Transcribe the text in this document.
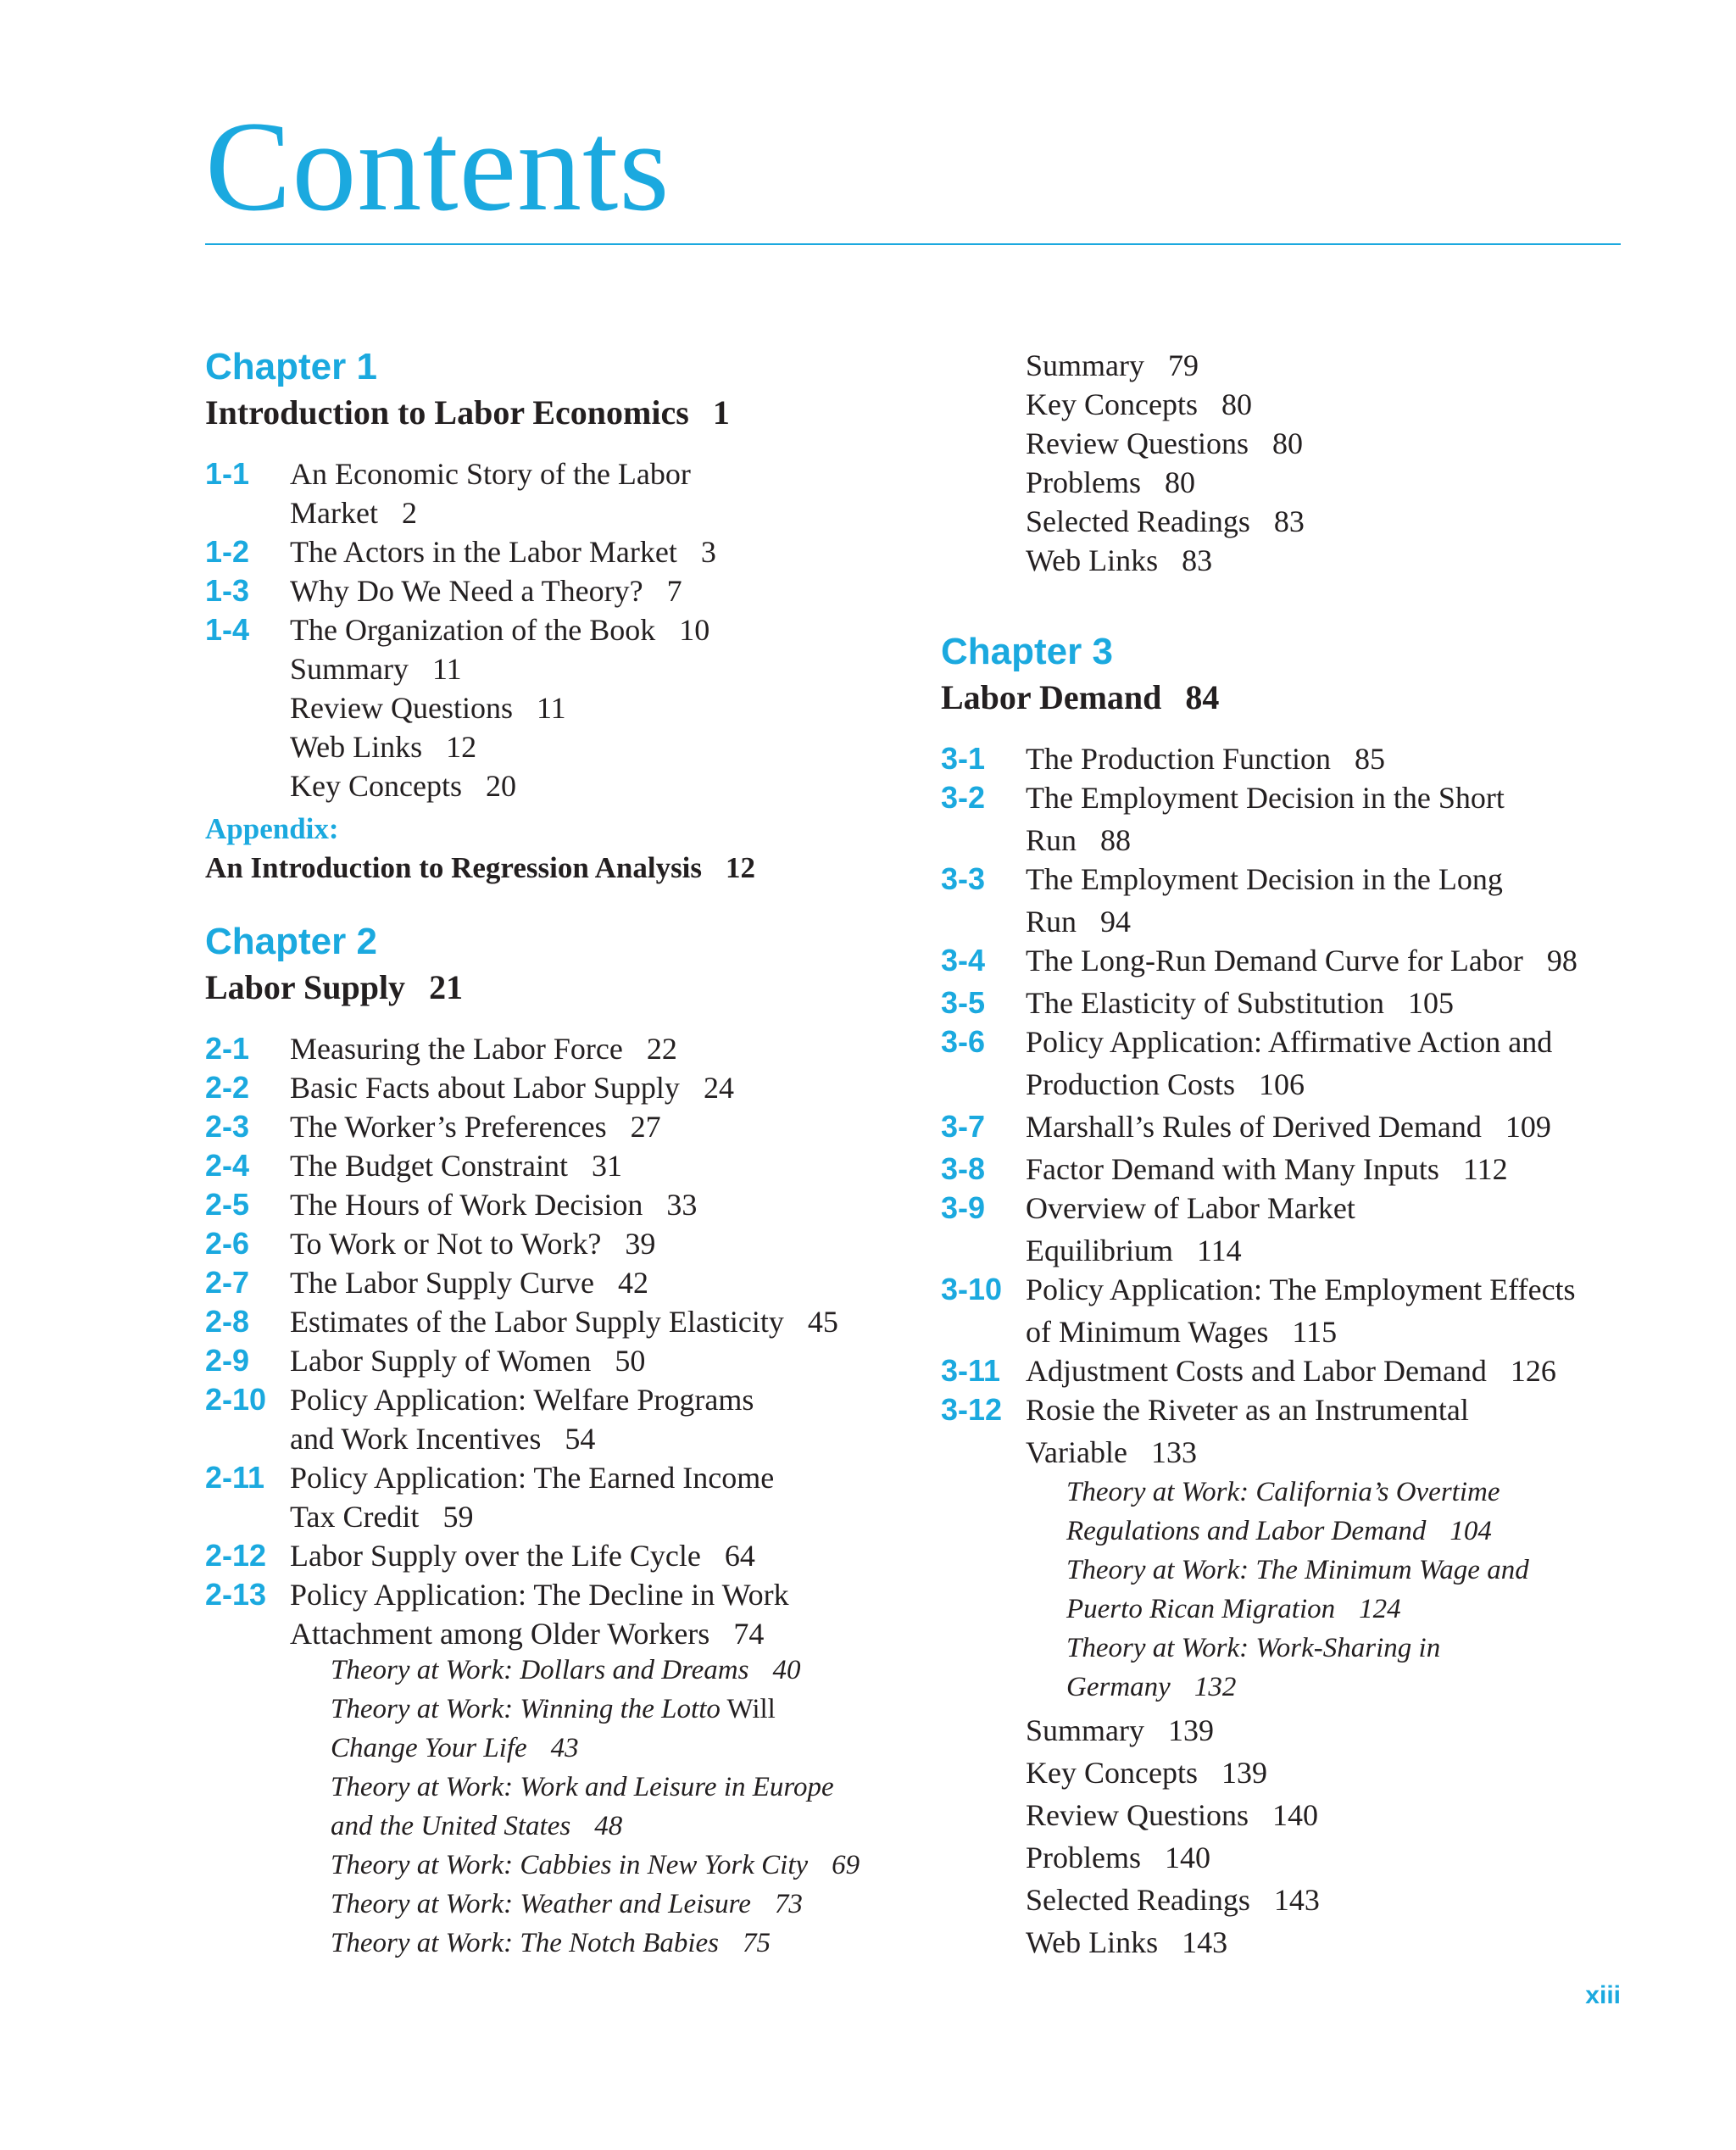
Contents
Chapter 1
Introduction to Labor Economics 1
1-1 An Economic Story of the Labor
Market 2
1-2 The Actors in the Labor Market 3
1-3 Why Do We Need a Theory? 7
1-4 The Organization of the Book 10
Summary 11
Review Questions 11
Web Links 12
Key Concepts 20
Appendix:
An Introduction to Regression Analysis 12
Chapter 2
Labor Supply 21
2-1 Measuring the Labor Force 22
2-2 Basic Facts about Labor Supply 24
2-3 The Worker’s Preferences 27
2-4 The Budget Constraint 31
2-5 The Hours of Work Decision 33
2-6 To Work or Not to Work? 39
2-7 The Labor Supply Curve 42
2-8 Estimates of the Labor Supply Elasticity 45
2-9 Labor Supply of Women 50
2-10 Policy Application: Welfare Programs
and Work Incentives 54
2-11 Policy Application: The Earned Income
Tax Credit 59
2-12 Labor Supply over the Life Cycle 64
2-13 Policy Application: The Decline in Work
Attachment among Older Workers 74
Theory at Work: Dollars and Dreams 40
Theory at Work: Winning the Lotto Will
Change Your Life 43
Theory at Work: Work and Leisure in Europe
and the United States 48
Theory at Work: Cabbies in New York City 69
Theory at Work: Weather and Leisure 73
Theory at Work: The Notch Babies 75
Summary 79
Key Concepts 80
Review Questions 80
Problems 80
Selected Readings 83
Web Links 83
Chapter 3
Labor Demand 84
3-1 The Production Function 85
3-2 The Employment Decision in the Short
Run 88
3-3 The Employment Decision in the Long
Run 94
3-4 The Long-Run Demand Curve for Labor 98
3-5 The Elasticity of Substitution 105
3-6 Policy Application: Affirmative Action and
Production Costs 106
3-7 Marshall’s Rules of Derived Demand 109
3-8 Factor Demand with Many Inputs 112
3-9 Overview of Labor Market
Equilibrium 114
3-10 Policy Application: The Employment Effects
of Minimum Wages 115
3-11 Adjustment Costs and Labor Demand 126
3-12 Rosie the Riveter as an Instrumental
Variable 133
Theory at Work: California’s Overtime
Regulations and Labor Demand 104
Theory at Work: The Minimum Wage and
Puerto Rican Migration 124
Theory at Work: Work-Sharing in
Germany 132
Summary 139
Key Concepts 139
Review Questions 140
Problems 140
Selected Readings 143
Web Links 143
xiii
